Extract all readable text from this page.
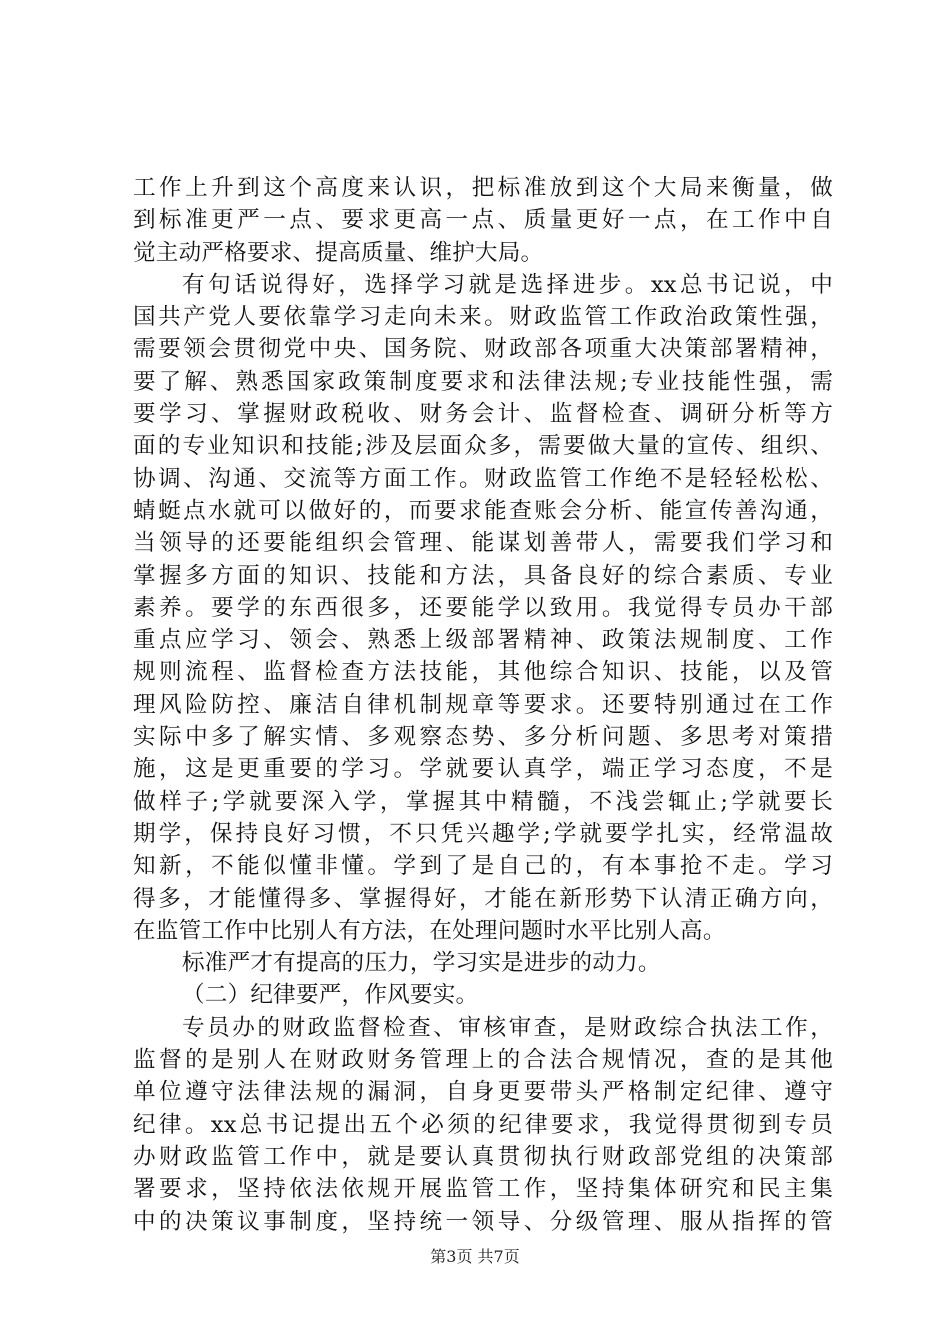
工作上升到这个高度来认识，把标准放到这个大局来衡量，做
到标准更严一点、要求更高一点、质量更好一点，在工作中自
觉主动严格要求、提高质量、维护大局。
有句话说得好，选择学习就是选择进步。xx总书记说，中
国共产党人要依靠学习走向未来。财政监管工作政治政策性强，
需要领会贯彻党中央、国务院、财政部各项重大决策部署精神，
要了解、熟悉国家政策制度要求和法律法规;专业技能性强，需
要学习、掌握财政税收、财务会计、监督检查、调研分析等方
面的专业知识和技能;涉及层面众多，需要做大量的宣传、组织、
协调、沟通、交流等方面工作。财政监管工作绝不是轻轻松松、
蜻蜓点水就可以做好的，而要求能查账会分析、能宣传善沟通，
当领导的还要能组织会管理、能谋划善带人，需要我们学习和
掌握多方面的知识、技能和方法，具备良好的综合素质、专业
素养。要学的东西很多，还要能学以致用。我觉得专员办干部
重点应学习、领会、熟悉上级部署精神、政策法规制度、工作
规则流程、监督检查方法技能，其他综合知识、技能，以及管
理风险防控、廉洁自律机制规章等要求。还要特别通过在工作
实际中多了解实情、多观察态势、多分析问题、多思考对策措
施，这是更重要的学习。学就要认真学，端正学习态度，不是
做样子;学就要深入学，掌握其中精髓，不浅尝辄止;学就要长
期学，保持良好习惯，不只凭兴趣学;学就要学扎实，经常温故
知新，不能似懂非懂。学到了是自己的，有本事抢不走。学习
得多，才能懂得多、掌握得好，才能在新形势下认清正确方向，
在监管工作中比别人有方法，在处理问题时水平比别人高。
标准严才有提高的压力，学习实是进步的动力。
（二）纪律要严，作风要实。
专员办的财政监督检查、审核审查，是财政综合执法工作，
监督的是别人在财政财务管理上的合法合规情况，查的是其他
单位遵守法律法规的漏洞，自身更要带头严格制定纪律、遵守
纪律。xx总书记提出五个必须的纪律要求，我觉得贯彻到专员
办财政监管工作中，就是要认真贯彻执行财政部党组的决策部
署要求，坚持依法依规开展监管工作，坚持集体研究和民主集
中的决策议事制度，坚持统一领导、分级管理、服从指挥的管
第3页 共7页
